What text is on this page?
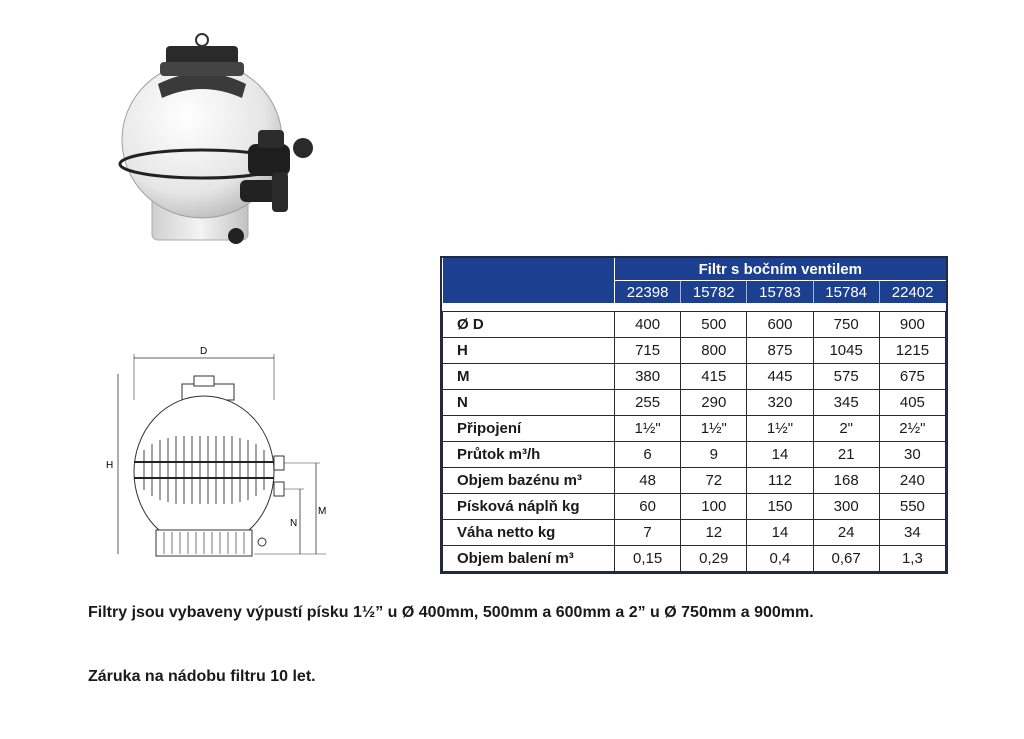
D
H
M
N
	Filtr s bočním ventilem				
	22398	15782	15783	15784	22402

Ø D	400	500	600	750	900
H	715	800	875	1045	1215
M	380	415	445	575	675
N	255	290	320	345	405
Připojení	1½"	1½"	1½"	2"	2½"
Průtok m³/h	6	9	14	21	30
Objem bazénu m³	48	72	112	168	240
Písková náplň kg	60	100	150	300	550
Váha netto kg	7	12	14	24	34
Objem balení m³	0,15	0,29	0,4	0,67	1,3
Filtry jsou vybaveny výpustí písku 1½” u Ø 400mm, 500mm a 600mm a 2” u Ø 750mm a 900mm.
Záruka na nádobu filtru 10 let.
